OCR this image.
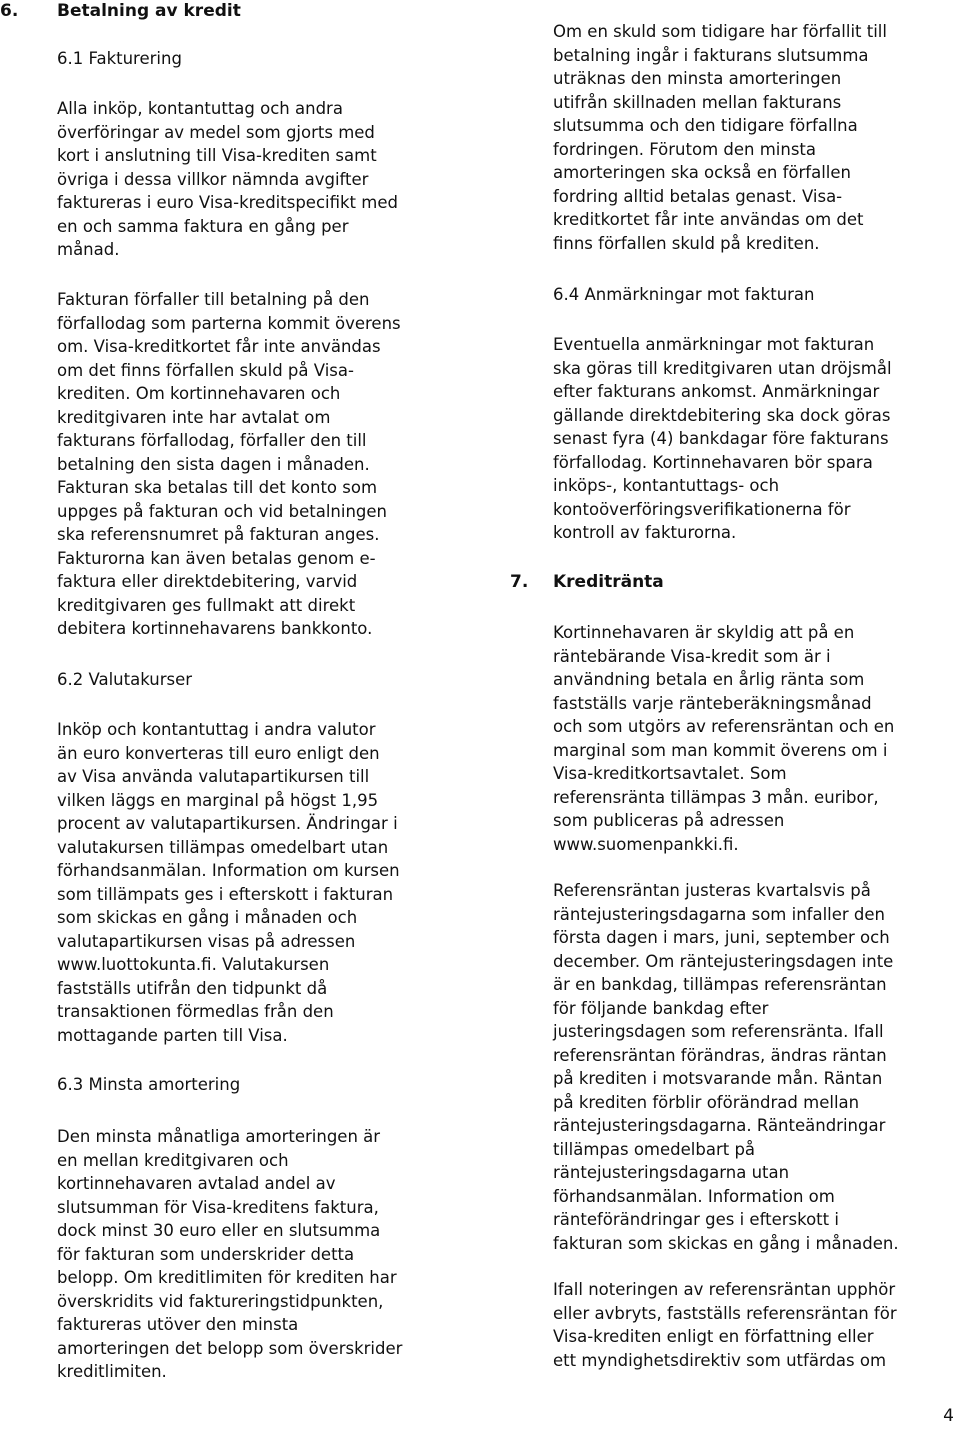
6. Betalning av kredit
6.1 Fakturering
Alla inköp, kontantuttag och andra
överföringar av medel som gjorts med
kort i anslutning till Visa-krediten samt
övriga i dessa villkor nämnda avgifter
faktureras i euro Visa-kreditspecifikt med
en och samma faktura en gång per
månad.
Fakturan förfaller till betalning på den
förfallodag som parterna kommit överens
om. Visa-kreditkortet får inte användas
om det finns förfallen skuld på Visa-
krediten. Om kortinnehavaren och
kreditgivaren inte har avtalat om
fakturans förfallodag, förfaller den till
betalning den sista dagen i månaden.
Fakturan ska betalas till det konto som
uppges på fakturan och vid betalningen
ska referensnumret på fakturan anges.
Fakturorna kan även betalas genom e-
faktura eller direktdebitering, varvid
kreditgivaren ges fullmakt att direkt
debitera kortinnehavarens bankkonto.
6.2 Valutakurser
Inköp och kontantuttag i andra valutor
än euro konverteras till euro enligt den
av Visa använda valutapartikursen till
vilken läggs en marginal på högst 1,95
procent av valutapartikursen. Ändringar i
valutakursen tillämpas omedelbart utan
förhandsanmälan. Information om kursen
som tillämpats ges i efterskott i fakturan
som skickas en gång i månaden och
valutapartikursen visas på adressen
www.luottokunta.fi. Valutakursen
fastställs utifrån den tidpunkt då
transaktionen förmedlas från den
mottagande parten till Visa.
6.3 Minsta amortering
Den minsta månatliga amorteringen är
en mellan kreditgivaren och
kortinnehavaren avtalad andel av
slutsumman för Visa-kreditens faktura,
dock minst 30 euro eller en slutsumma
för fakturan som underskrider detta
belopp. Om kreditlimiten för krediten har
överskridits vid faktureringstidpunkten,
faktureras utöver den minsta
amorteringen det belopp som överskrider
kreditlimiten.
Om en skuld som tidigare har förfallit till
betalning ingår i fakturans slutsumma
uträknas den minsta amorteringen
utifrån skillnaden mellan fakturans
slutsumma och den tidigare förfallna
fordringen. Förutom den minsta
amorteringen ska också en förfallen
fordring alltid betalas genast. Visa-
kreditkortet får inte användas om det
finns förfallen skuld på krediten.
6.4 Anmärkningar mot fakturan
Eventuella anmärkningar mot fakturan
ska göras till kreditgivaren utan dröjsmål
efter fakturans ankomst. Anmärkningar
gällande direktdebitering ska dock göras
senast fyra (4) bankdagar före fakturans
förfallodag. Kortinnehavaren bör spara
inköps-, kontantuttags- och
kontoöverföringsverifikationerna för
kontroll av fakturorna.
7. Kreditränta
Kortinnehavaren är skyldig att på en
räntebärande Visa-kredit som är i
användning betala en årlig ränta som
fastställs varje ränteberäkningsmånad
och som utgörs av referensräntan och en
marginal som man kommit överens om i
Visa-kreditkortsavtalet. Som
referensränta tillämpas 3 mån. euribor,
som publiceras på adressen
www.suomenpankki.fi.
Referensräntan justeras kvartalsvis på
räntejusteringsdagarna som infaller den
första dagen i mars, juni, september och
december. Om räntejusteringsdagen inte
är en bankdag, tillämpas referensräntan
för följande bankdag efter
justeringsdagen som referensränta. Ifall
referensräntan förändras, ändras räntan
på krediten i motsvarande mån. Räntan
på krediten förblir oförändrad mellan
räntejusteringsdagarna. Ränteändringar
tillämpas omedelbart på
räntejusteringsdagarna utan
förhandsanmälan. Information om
ränteförändringar ges i efterskott i
fakturan som skickas en gång i månaden.
Ifall noteringen av referensräntan upphör
eller avbryts, fastställs referensräntan för
Visa-krediten enligt en författning eller
ett myndighetsdirektiv som utfärdas om
4
